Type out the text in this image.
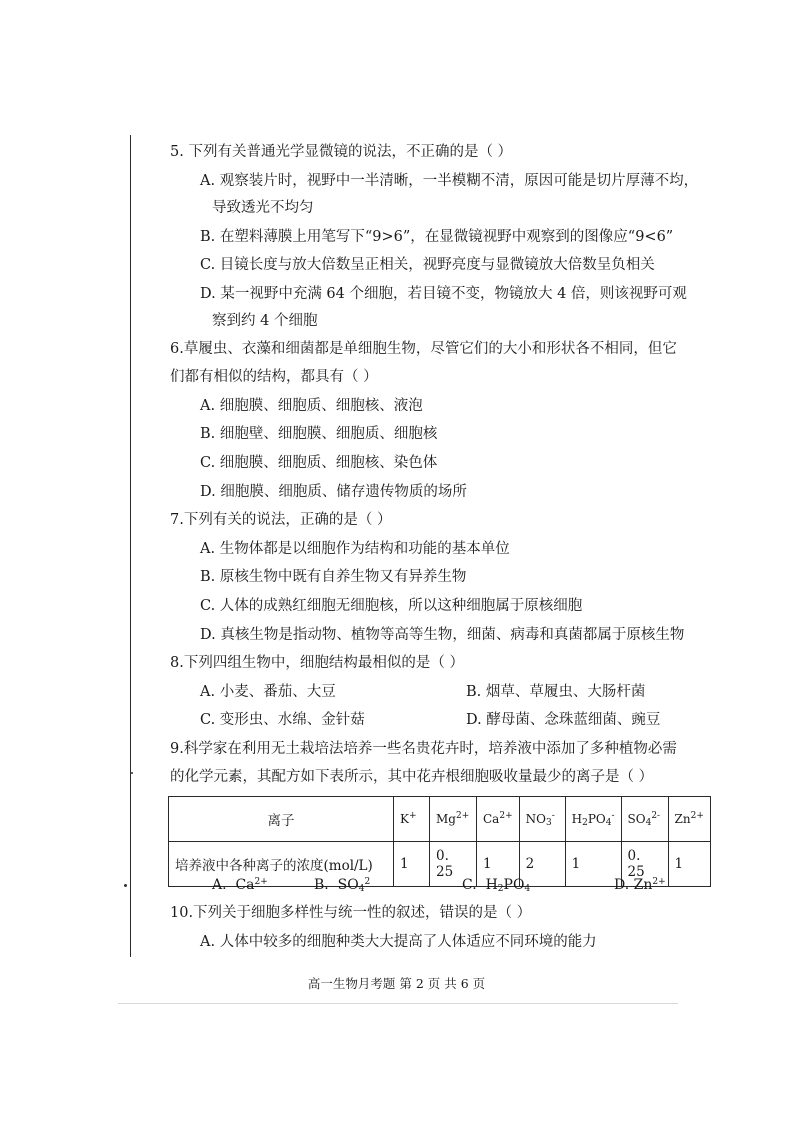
5. 下列有关普通光学显微镜的说法，不正确的是（ ）
A. 观察装片时，视野中一半清晰，一半模糊不清，原因可能是切片厚薄不均，
导致透光不均匀
B. 在塑料薄膜上用笔写下“9>6”，在显微镜视野中观察到的图像应“9<6”
C. 目镜长度与放大倍数呈正相关，视野亮度与显微镜放大倍数呈负相关
D. 某一视野中充满 64 个细胞，若目镜不变，物镜放大 4 倍，则该视野可观
察到约 4 个细胞
6.草履虫、衣藻和细菌都是单细胞生物，尽管它们的大小和形状各不相同，但它
们都有相似的结构，都具有（ ）
A. 细胞膜、细胞质、细胞核、液泡
B. 细胞壁、细胞膜、细胞质、细胞核
C. 细胞膜、细胞质、细胞核、染色体
D. 细胞膜、细胞质、储存遗传物质的场所
7.下列有关的说法，正确的是（ ）
A. 生物体都是以细胞作为结构和功能的基本单位
B. 原核生物中既有自养生物又有异养生物
C. 人体的成熟红细胞无细胞核，所以这种细胞属于原核细胞
D. 真核生物是指动物、植物等高等生物，细菌、病毒和真菌都属于原核生物
8.下列四组生物中，细胞结构最相似的是（ ）
A. 小麦、番茄、大豆	B. 烟草、草履虫、大肠杆菌
C. 变形虫、水绵、金针菇	D. 酵母菌、念珠蓝细菌、豌豆
9.科学家在利用无土栽培法培养一些名贵花卉时，培养液中添加了多种植物必需
的化学元素，其配方如下表所示，其中花卉根细胞吸收量最少的离子是（ ）
离子	K+	$Mg^{2+}$	$Ca^{2+}$	$NO_3^-$	$H_2PO_4^-$	$SO_4^{2-}$	$Zn^{2+}$
培养液中各种离子的浓度(mol/L)	1	0. 25	1	2	1	0. 25	1
A. $Ca^{2+}$	B. $SO_4^2$	C. $H_2PO_4$	D. $Zn^{2+}$
10.下列关于细胞多样性与统一性的叙述，错误的是（ ）
A. 人体中较多的细胞种类大大提高了人体适应不同环境的能力
高一生物月考题 第 2 页 共 6 页
